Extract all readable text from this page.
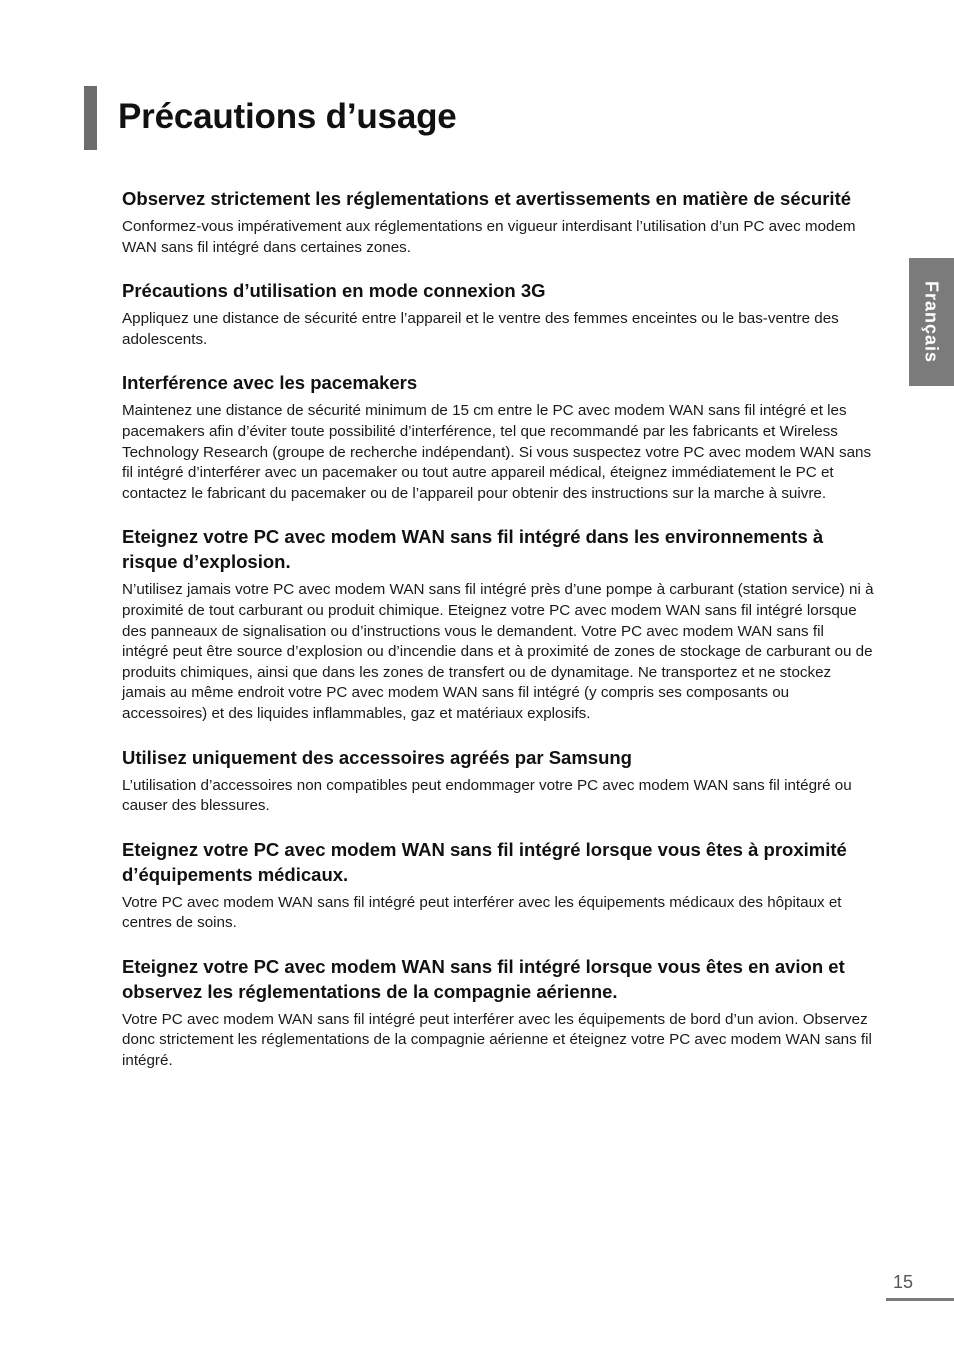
Précautions d’usage
Français
Observez strictement les réglementations et avertissements en matière de sécurité

Conformez-vous impérativement aux réglementations en vigueur interdisant l’utilisation d’un PC avec modem WAN sans fil intégré dans certaines zones.

Précautions d’utilisation en mode connexion 3G

Appliquez une distance de sécurité entre l’appareil et le ventre des femmes enceintes ou le bas-ventre des adolescents.

Interférence avec les pacemakers

Maintenez une distance de sécurité minimum de 15 cm entre le PC avec modem WAN sans fil intégré et les pacemakers afin d’éviter toute possibilité d’interférence, tel que recommandé par les fabricants et Wireless Technology Research (groupe de recherche indépendant). Si vous suspectez votre PC avec modem WAN sans fil intégré d’interférer avec un pacemaker ou tout autre appareil médical, éteignez immédiatement le PC et contactez le fabricant du pacemaker ou de l’appareil pour obtenir des instructions sur la marche à suivre.

Eteignez votre PC avec modem WAN sans fil intégré dans les environnements à risque d’explosion.

N’utilisez jamais votre PC avec modem WAN sans fil intégré près d’une pompe à carburant (station service) ni à proximité de tout carburant ou produit chimique. Eteignez votre PC avec modem WAN sans fil intégré lorsque des panneaux de signalisation ou d’instructions vous le demandent. Votre PC avec modem WAN sans fil intégré peut être source d’explosion ou d’incendie dans et à proximité de zones de stockage de carburant ou de produits chimiques, ainsi que dans les zones de transfert ou de dynamitage. Ne transportez et ne stockez jamais au même endroit votre PC avec modem WAN sans fil intégré (y compris ses composants ou accessoires) et des liquides inflammables, gaz et matériaux explosifs.

Utilisez uniquement des accessoires agréés par Samsung

L’utilisation d’accessoires non compatibles peut endommager votre PC avec modem WAN sans fil intégré ou causer des blessures.

Eteignez votre PC avec modem WAN sans fil intégré lorsque vous êtes à proximité d’équipements médicaux.

Votre PC avec modem WAN sans fil intégré peut interférer avec les équipements médicaux des hôpitaux et centres de soins.

Eteignez votre PC avec modem WAN sans fil intégré lorsque vous êtes en avion et observez les réglementations de la compagnie aérienne.

Votre PC avec modem WAN sans fil intégré peut interférer avec les équipements de bord d’un avion. Observez donc strictement les réglementations de la compagnie aérienne et éteignez votre PC avec modem WAN sans fil intégré.

15
